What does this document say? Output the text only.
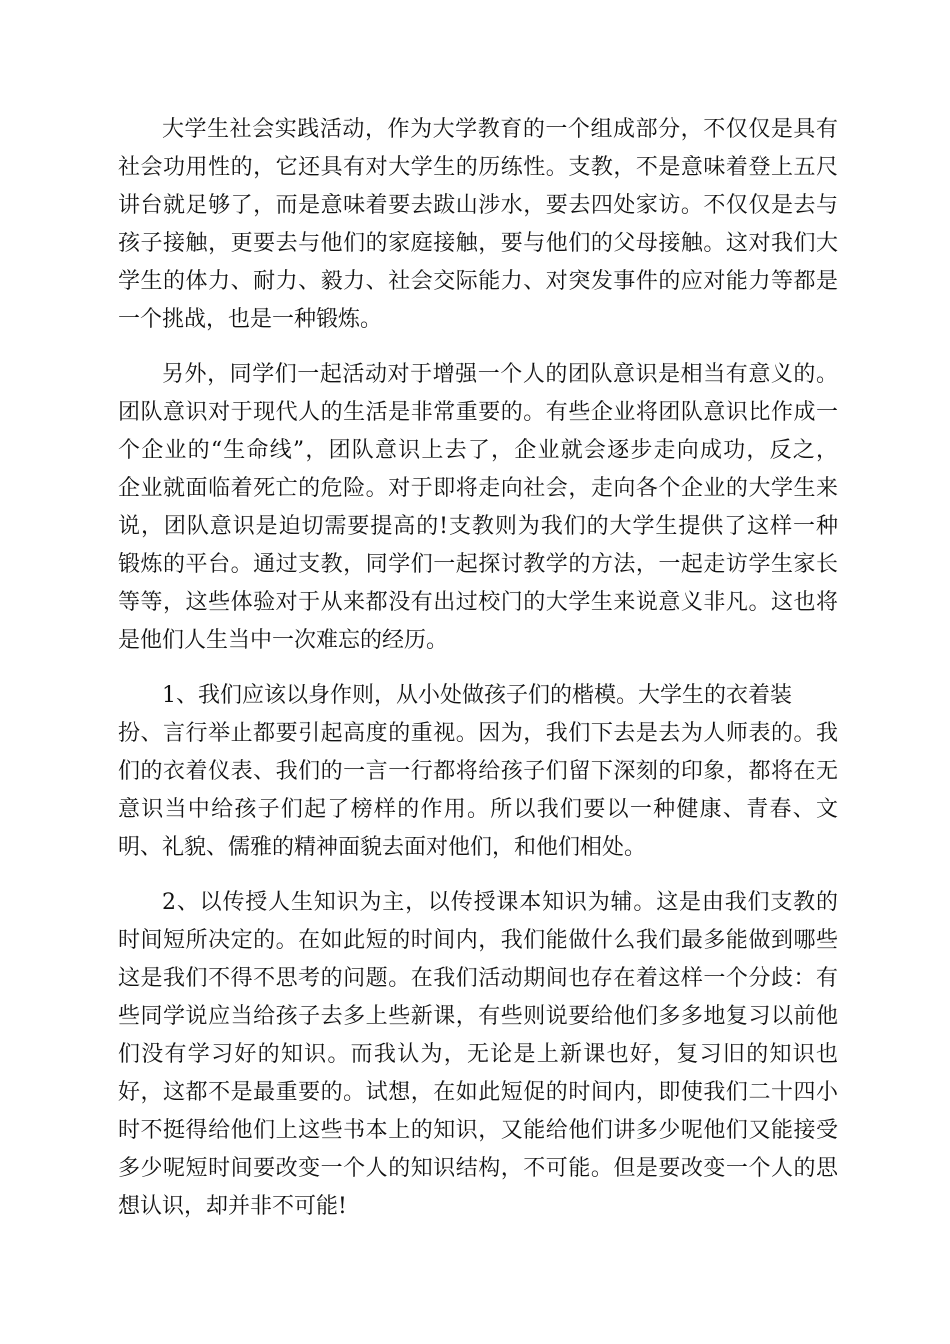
大学生社会实践活动，作为大学教育的一个组成部分，不仅仅是具有
社会功用性的，它还具有对大学生的历练性。支教，不是意味着登上五尺
讲台就足够了，而是意味着要去跋山涉水，要去四处家访。不仅仅是去与
孩子接触，更要去与他们的家庭接触，要与他们的父母接触。这对我们大
学生的体力、耐力、毅力、社会交际能力、对突发事件的应对能力等都是
一个挑战，也是一种锻炼。
另外，同学们一起活动对于增强一个人的团队意识是相当有意义的。
团队意识对于现代人的生活是非常重要的。有些企业将团队意识比作成一
个企业的“生命线”，团队意识上去了，企业就会逐步走向成功，反之，
企业就面临着死亡的危险。对于即将走向社会，走向各个企业的大学生来
说，团队意识是迫切需要提高的!支教则为我们的大学生提供了这样一种
锻炼的平台。通过支教，同学们一起探讨教学的方法，一起走访学生家长
等等，这些体验对于从来都没有出过校门的大学生来说意义非凡。这也将
是他们人生当中一次难忘的经历。
1、我们应该以身作则，从小处做孩子们的楷模。大学生的衣着装
扮、言行举止都要引起高度的重视。因为，我们下去是去为人师表的。我
们的衣着仪表、我们的一言一行都将给孩子们留下深刻的印象，都将在无
意识当中给孩子们起了榜样的作用。所以我们要以一种健康、青春、文
明、礼貌、儒雅的精神面貌去面对他们，和他们相处。
2、以传授人生知识为主，以传授课本知识为辅。这是由我们支教的
时间短所决定的。在如此短的时间内，我们能做什么我们最多能做到哪些
这是我们不得不思考的问题。在我们活动期间也存在着这样一个分歧：有
些同学说应当给孩子去多上些新课，有些则说要给他们多多地复习以前他
们没有学习好的知识。而我认为，无论是上新课也好，复习旧的知识也
好，这都不是最重要的。试想，在如此短促的时间内，即使我们二十四小
时不挺得给他们上这些书本上的知识，又能给他们讲多少呢他们又能接受
多少呢短时间要改变一个人的知识结构，不可能。但是要改变一个人的思
想认识，却并非不可能!
